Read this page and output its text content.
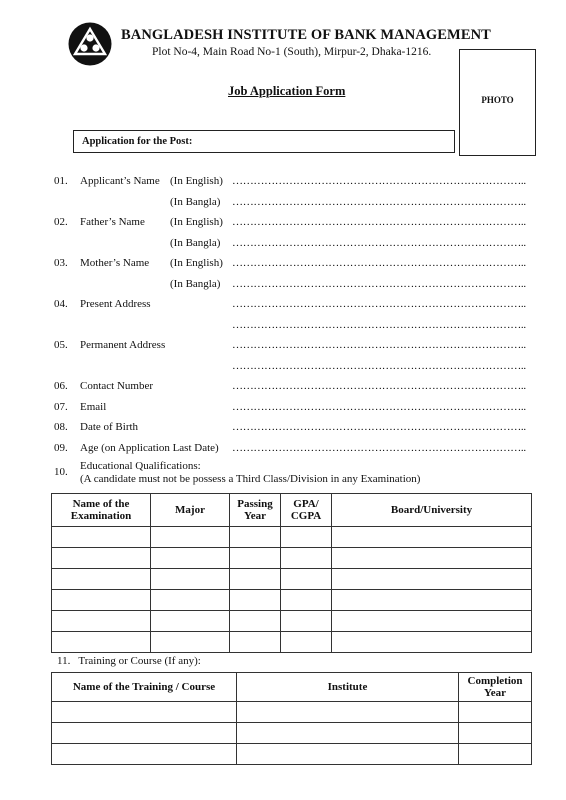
BANGLADESH INSTITUTE OF BANK MANAGEMENT
Plot No-4, Main Road No-1 (South), Mirpur-2, Dhaka-1216.
Job Application Form
PHOTO
Application for the Post:
01. Applicant’s Name (In English) ………………………………………………………………………..
(In Bangla) ………………………………………………………………………..
02. Father’s Name (In English) ………………………………………………………………………..
(In Bangla) ………………………………………………………………………..
03. Mother’s Name (In English) ………………………………………………………………………..
(In Bangla) ………………………………………………………………………..
04. Present Address	………………………………………………………………………..
………………………………………………………………………..
05. Permanent Address	………………………………………………………………………..
………………………………………………………………………..
06. Contact Number	………………………………………………………………………..
07. Email	………………………………………………………………………..
08. Date of Birth	………………………………………………………………………..
09. Age (on Application Last Date) ………………………………………………………………………..
10. Educational Qualifications:
(A candidate must not be possess a Third Class/Division in any Examination)
Name of the Examination	Major	Passing Year	GPA/ CGPA	Board/University

11.   Training or Course (If any):
Name of the Training / Course	Institute	Completion Year
